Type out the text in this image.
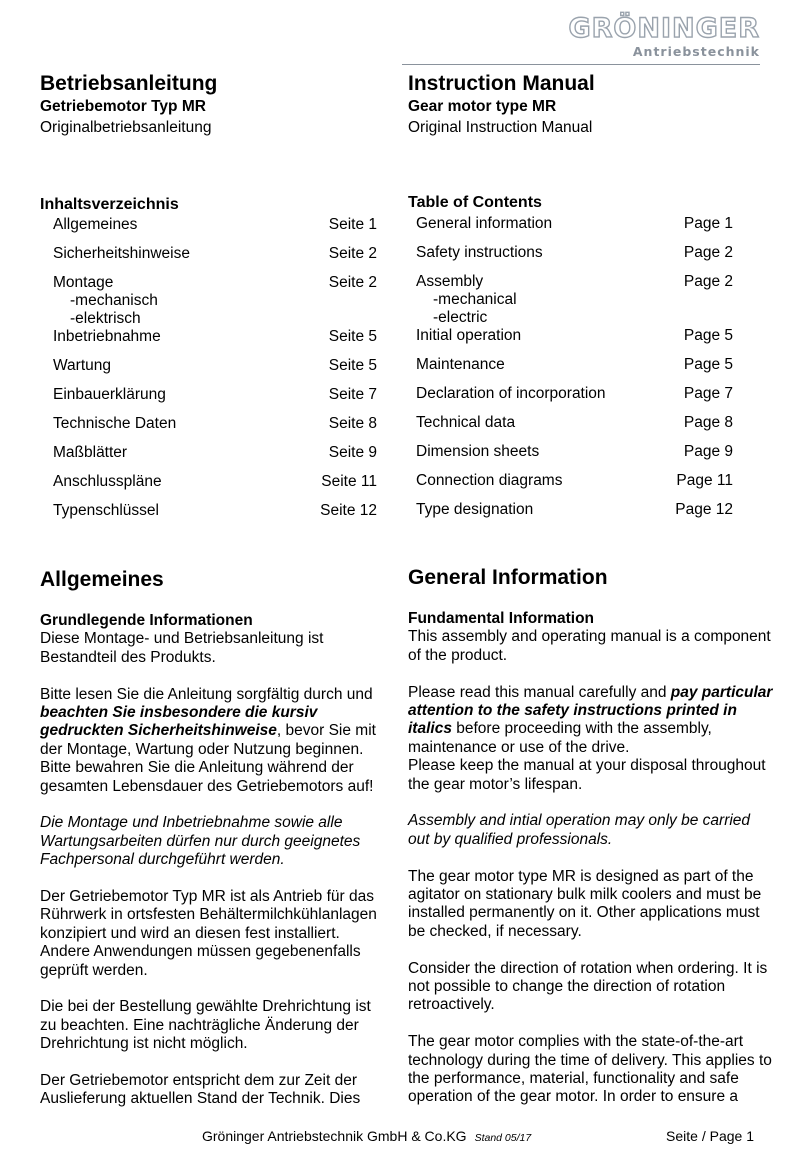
GRÖNINGER
Antriebstechnik
Betriebsanleitung
Getriebemotor Typ MR
Originalbetriebsanleitung
Inhaltsverzeichnis
Allgemeines	Seite 1
Sicherheitshinweise	Seite 2
Montage	Seite 2
-mechanisch
-elektrisch
Inbetriebnahme	Seite 5
Wartung	Seite 5
Einbauerklärung	Seite 7
Technische Daten	Seite 8
Maßblätter	Seite 9
Anschlusspläne	Seite 11
Typenschlüssel	Seite 12
Allgemeines

Grundlegende Informationen

Diese Montage- und Betriebsanleitung ist Bestandteil des Produkts.

Bitte lesen Sie die Anleitung sorgfältig durch und beachten Sie insbesondere die kursiv gedruckten Sicherheitshinweise, bevor Sie mit der Montage, Wartung oder Nutzung beginnen. Bitte bewahren Sie die Anleitung während der gesamten Lebensdauer des Getriebemotors auf!

Die Montage und Inbetriebnahme sowie alle Wartungsarbeiten dürfen nur durch geeignetes Fachpersonal durchgeführt werden.

Der Getriebemotor Typ MR ist als Antrieb für das Rührwerk in ortsfesten Behältermilchkühlanlagen konzipiert und wird an diesen fest installiert. Andere Anwendungen müssen gegebenenfalls geprüft werden.

Die bei der Bestellung gewählte Drehrichtung ist zu beachten. Eine nachträgliche Änderung der Drehrichtung ist nicht möglich.

Der Getriebemotor entspricht dem zur Zeit der Auslieferung aktuellen Stand der Technik. Dies

Instruction Manual
Gear motor type MR
Original Instruction Manual
Table of Contents
General information	Page 1
Safety instructions	Page 2
Assembly	Page 2
-mechanical
-electric
Initial operation	Page 5
Maintenance	Page 5
Declaration of incorporation	Page 7
Technical data	Page 8
Dimension sheets	Page 9
Connection diagrams	Page 11
Type designation	Page 12
General Information

Fundamental Information

This assembly and operating manual is a component of the product.

Please read this manual carefully and pay particular attention to the safety instructions printed in italics before proceeding with the assembly, maintenance or use of the drive.

Please keep the manual at your disposal throughout the gear motor’s lifespan.

Assembly and intial operation may only be carried out by qualified professionals.

The gear motor type MR is designed as part of the agitator on stationary bulk milk coolers and must be installed permanently on it. Other applications must be checked, if necessary.

Consider the direction of rotation when ordering. It is not possible to change the direction of rotation retroactively.

The gear motor complies with the state-of-the-art technology during the time of delivery. This applies to the performance, material, functionality and safe operation of the gear motor. In order to ensure a

Gröninger Antriebstechnik GmbH & Co.KG Stand 05/17	Seite / Page 1
